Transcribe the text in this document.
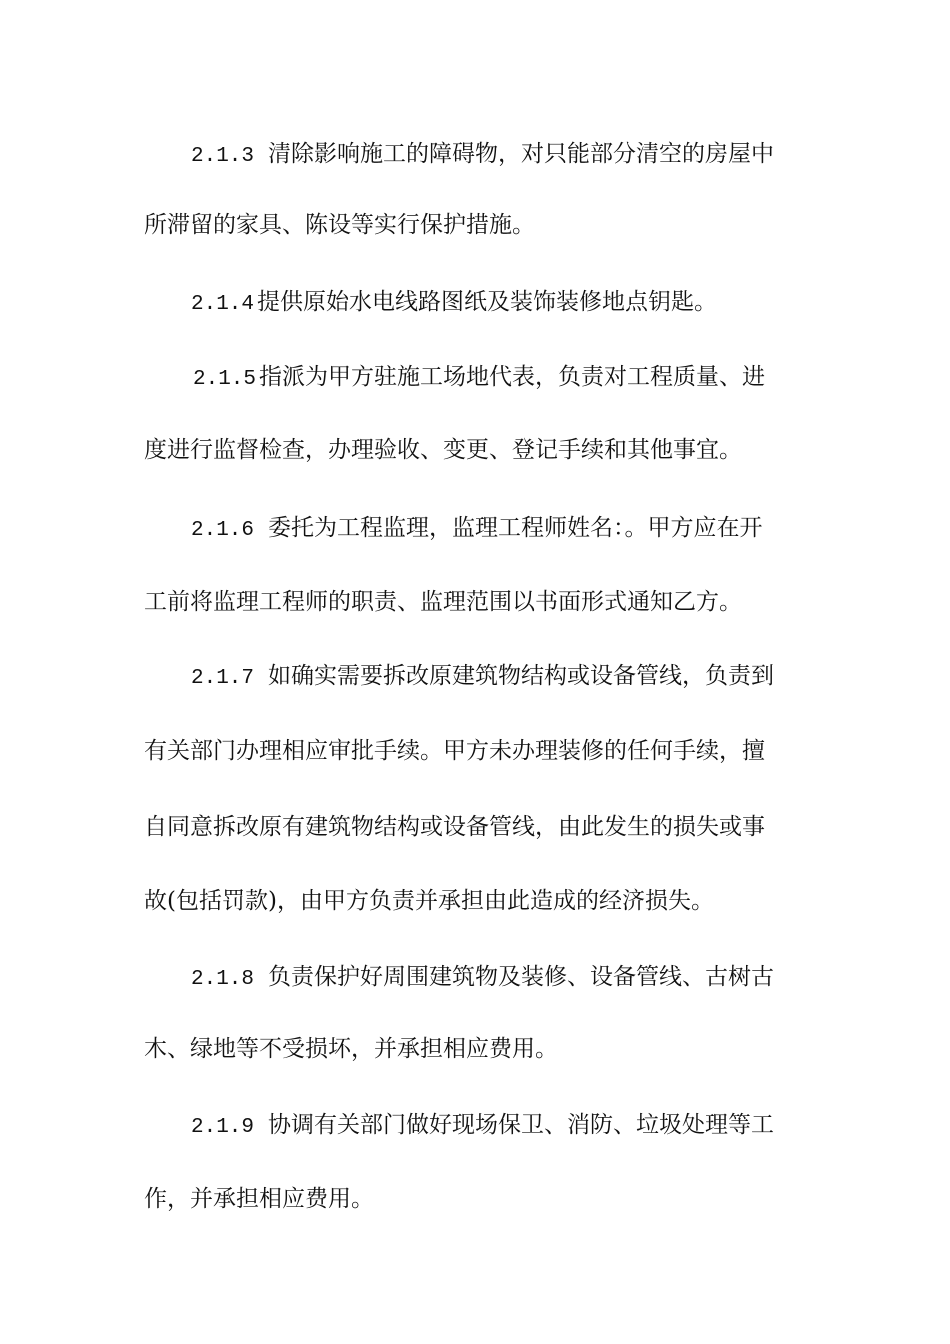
2.1.3 清除影响施工的障碍物，对只能部分清空的房屋中
所滞留的家具、陈设等实行保护措施。
2.1.4 提供原始水电线路图纸及装饰装修地点钥匙。
2.1.5 指派为甲方驻施工场地代表，负责对工程质量、进
度进行监督检查，办理验收、变更、登记手续和其他事宜。
2.1.6 委托为工程监理，监理工程师姓名：。甲方应在开
工前将监理工程师的职责、监理范围以书面形式通知乙方。
2.1.7 如确实需要拆改原建筑物结构或设备管线，负责到
有关部门办理相应审批手续。甲方未办理装修的任何手续，擅
自同意拆改原有建筑物结构或设备管线，由此发生的损失或事
故(包括罚款)，由甲方负责并承担由此造成的经济损失。
2.1.8 负责保护好周围建筑物及装修、设备管线、古树古
木、绿地等不受损坏，并承担相应费用。
2.1.9 协调有关部门做好现场保卫、消防、垃圾处理等工
作，并承担相应费用。
